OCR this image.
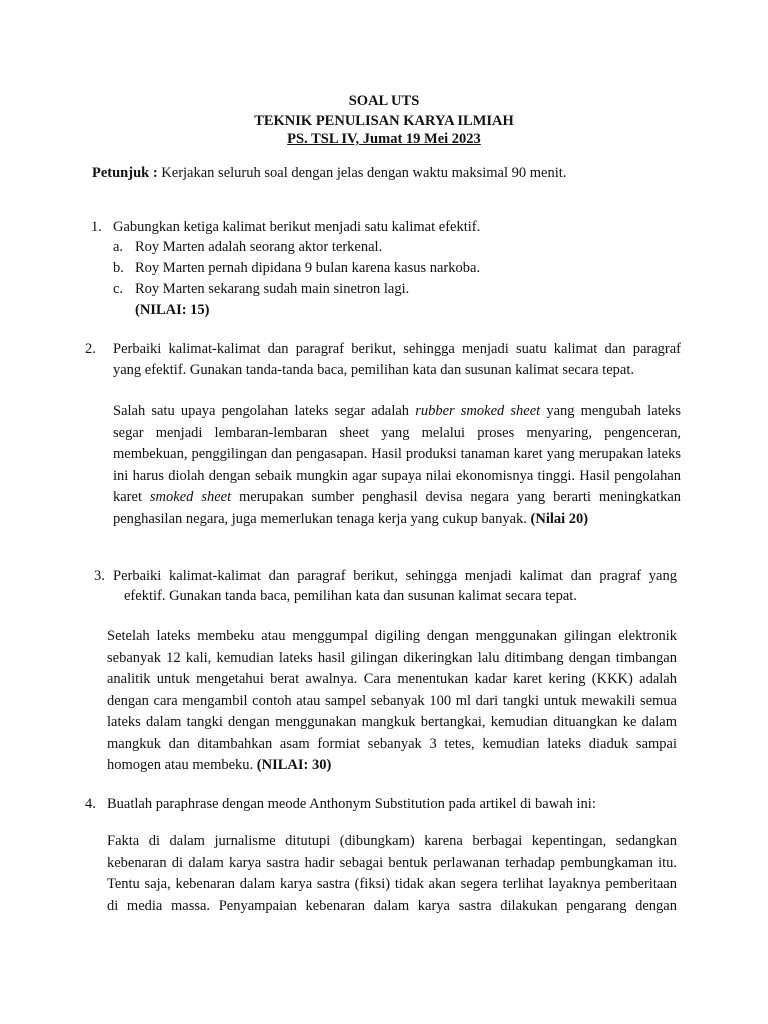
SOAL UTS
TEKNIK PENULISAN KARYA ILMIAH
PS. TSL IV, Jumat 19 Mei 2023
Petunjuk : Kerjakan seluruh soal dengan jelas dengan waktu maksimal 90 menit.
1. Gabungkan ketiga kalimat berikut menjadi satu kalimat efektif.
a. Roy Marten adalah seorang aktor terkenal.
b. Roy Marten pernah dipidana 9 bulan karena kasus narkoba.
c. Roy Marten sekarang sudah main sinetron lagi.
(NILAI: 15)
2. Perbaiki kalimat-kalimat dan paragraf berikut, sehingga menjadi suatu kalimat dan paragraf
yang efektif. Gunakan tanda-tanda baca, pemilihan kata dan susunan kalimat secara tepat.
Salah satu upaya pengolahan lateks segar adalah rubber smoked sheet yang mengubah lateks segar menjadi lembaran-lembaran sheet yang melalui proses menyaring, pengenceran, membekuan, penggilingan dan pengasapan. Hasil produksi tanaman karet yang merupakan lateks ini harus diolah dengan sebaik mungkin agar supaya nilai ekonomisnya tinggi. Hasil pengolahan karet smoked sheet merupakan sumber penghasil devisa negara yang berarti meningkatkan penghasilan negara, juga memerlukan tenaga kerja yang cukup banyak. (Nilai 20)
3. Perbaiki kalimat-kalimat dan paragraf berikut, sehingga menjadi kalimat dan pragraf yang
efektif. Gunakan tanda baca, pemilihan kata dan susunan kalimat secara tepat.
Setelah lateks membeku atau menggumpal digiling dengan menggunakan gilingan elektronik sebanyak 12 kali, kemudian lateks hasil gilingan dikeringkan lalu ditimbang dengan timbangan analitik untuk mengetahui berat awalnya. Cara menentukan kadar karet kering (KKK) adalah dengan cara mengambil contoh atau sampel sebanyak 100 ml dari tangki untuk mewakili semua lateks dalam tangki dengan menggunakan mangkuk bertangkai, kemudian dituangkan ke dalam mangkuk dan ditambahkan asam formiat sebanyak 3 tetes, kemudian lateks diaduk sampai homogen atau membeku. (NILAI: 30)
4. Buatlah paraphrase dengan meode Anthonym Substitution pada artikel di bawah ini:
Fakta di dalam jurnalisme ditutupi (dibungkam) karena berbagai kepentingan, sedangkan kebenaran di dalam karya sastra hadir sebagai bentuk perlawanan terhadap pembungkaman itu. Tentu saja, kebenaran dalam karya sastra (fiksi) tidak akan segera terlihat layaknya pemberitaan di media massa. Penyampaian kebenaran dalam karya sastra dilakukan pengarang dengan
